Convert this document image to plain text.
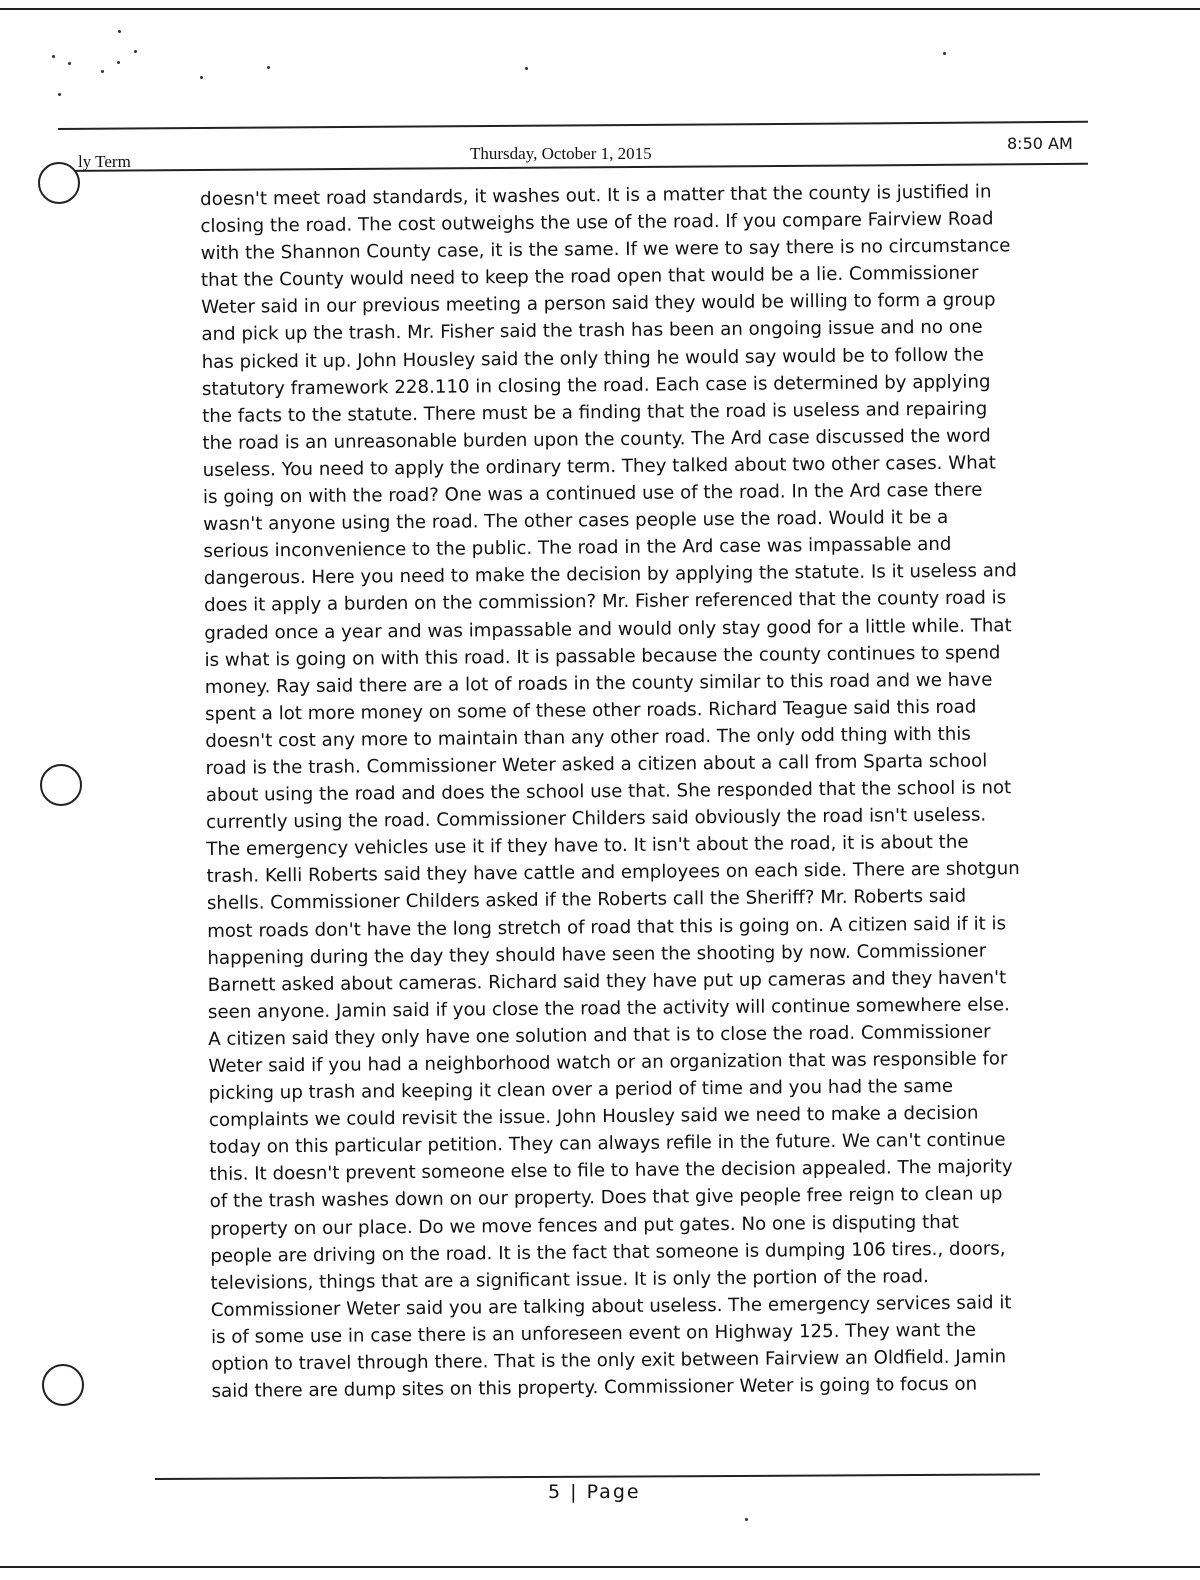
ly Term	Thursday, October 1, 2015
8:50 AM
doesn't meet road standards, it washes out. It is a matter that the county is justified in
closing the road. The cost outweighs the use of the road. If you compare Fairview Road
with the Shannon County case, it is the same. If we were to say there is no circumstance
that the County would need to keep the road open that would be a lie. Commissioner
Weter said in our previous meeting a person said they would be willing to form a group
and pick up the trash. Mr. Fisher said the trash has been an ongoing issue and no one
has picked it up. John Housley said the only thing he would say would be to follow the
statutory framework 228.110 in closing the road. Each case is determined by applying
the facts to the statute. There must be a finding that the road is useless and repairing
the road is an unreasonable burden upon the county. The Ard case discussed the word
useless. You need to apply the ordinary term. They talked about two other cases. What
is going on with the road? One was a continued use of the road. In the Ard case there
wasn't anyone using the road. The other cases people use the road. Would it be a
serious inconvenience to the public. The road in the Ard case was impassable and
dangerous. Here you need to make the decision by applying the statute. Is it useless and
does it apply a burden on the commission? Mr. Fisher referenced that the county road is
graded once a year and was impassable and would only stay good for a little while. That
is what is going on with this road. It is passable because the county continues to spend
money. Ray said there are a lot of roads in the county similar to this road and we have
spent a lot more money on some of these other roads. Richard Teague said this road
doesn't cost any more to maintain than any other road. The only odd thing with this
road is the trash. Commissioner Weter asked a citizen about a call from Sparta school
about using the road and does the school use that. She responded that the school is not
currently using the road. Commissioner Childers said obviously the road isn't useless.
The emergency vehicles use it if they have to. It isn't about the road, it is about the
trash. Kelli Roberts said they have cattle and employees on each side. There are shotgun
shells. Commissioner Childers asked if the Roberts call the Sheriff? Mr. Roberts said
most roads don't have the long stretch of road that this is going on. A citizen said if it is
happening during the day they should have seen the shooting by now. Commissioner
Barnett asked about cameras. Richard said they have put up cameras and they haven't
seen anyone. Jamin said if you close the road the activity will continue somewhere else.
A citizen said they only have one solution and that is to close the road. Commissioner
Weter said if you had a neighborhood watch or an organization that was responsible for
picking up trash and keeping it clean over a period of time and you had the same
complaints we could revisit the issue. John Housley said we need to make a decision
today on this particular petition. They can always refile in the future. We can't continue
this. It doesn't prevent someone else to file to have the decision appealed. The majority
of the trash washes down on our property. Does that give people free reign to clean up
property on our place. Do we move fences and put gates. No one is disputing that
people are driving on the road. It is the fact that someone is dumping 106 tires., doors,
televisions, things that are a significant issue. It is only the portion of the road.
Commissioner Weter said you are talking about useless. The emergency services said it
is of some use in case there is an unforeseen event on Highway 125. They want the
option to travel through there. That is the only exit between Fairview an Oldfield. Jamin
said there are dump sites on this property. Commissioner Weter is going to focus on
5 | Page
